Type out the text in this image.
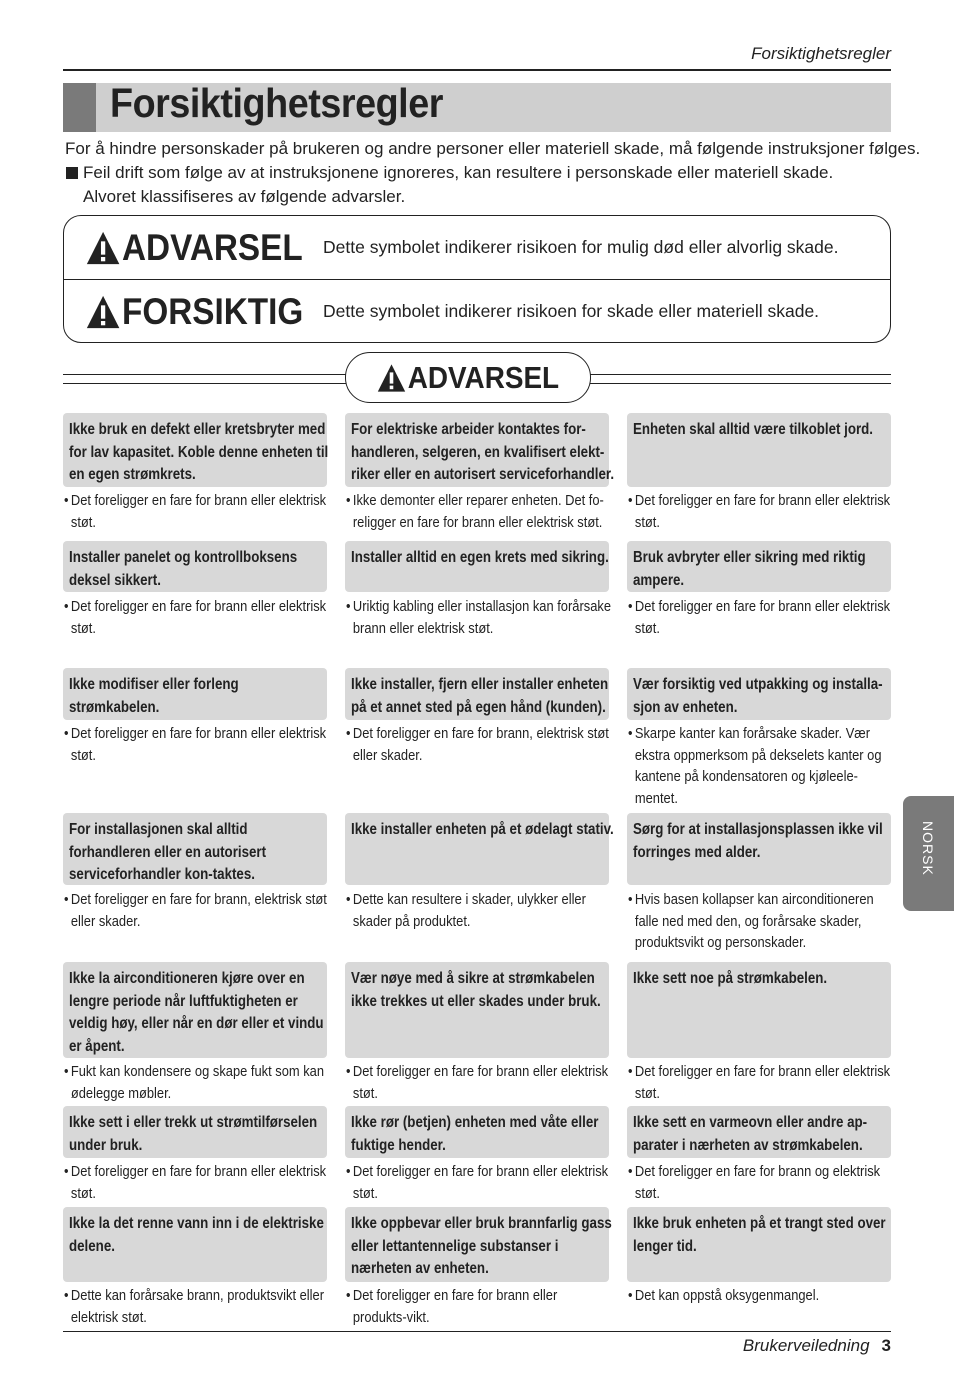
Forsiktighetsregler
Forsiktighetsregler
For å hindre personskader på brukeren og andre personer eller materiell skade, må følgende instruksjoner følges.
Feil drift som følge av at instruksjonene ignoreres, kan resultere i personskade eller materiell skade.
Alvoret klassifiseres av følgende advarsler.
ADVARSEL Dette symbolet indikerer risikoen for mulig død eller alvorlig skade.
FORSIKTIG Dette symbolet indikerer risikoen for skade eller materiell skade.
ADVARSEL
Ikke bruk en defekt eller kretsbryter med for lav kapasitet. Koble denne enheten til en egen strømkrets.
• Det foreligger en fare for brann eller elektrisk støt.
For elektriske arbeider kontaktes for-handleren, selgeren, en kvalifisert elekt-riker eller en autorisert serviceforhandler.
• Ikke demonter eller reparer enheten. Det fo-religger en fare for brann eller elektrisk støt.
Enheten skal alltid være tilkoblet jord.
• Det foreligger en fare for brann eller elektrisk støt.
Installer panelet og kontrollboksens deksel sikkert.
• Det foreligger en fare for brann eller elektrisk støt.
Installer alltid en egen krets med sikring.
• Uriktig kabling eller installasjon kan forårsake brann eller elektrisk støt.
Bruk avbryter eller sikring med riktig ampere.
• Det foreligger en fare for brann eller elektrisk støt.
Ikke modifiser eller forleng strømkabelen.
• Det foreligger en fare for brann eller elektrisk støt.
Ikke installer, fjern eller installer enheten på et annet sted på egen hånd (kunden).
• Det foreligger en fare for brann, elektrisk støt eller skader.
Vær forsiktig ved utpakking og installa-sjon av enheten.
• Skarpe kanter kan forårsake skader. Vær ekstra oppmerksom på dekselets kanter og kantene på kondensatoren og kjøleele-mentet.
For installasjonen skal alltid forhandleren eller en autorisert serviceforhandler kon-taktes.
• Det foreligger en fare for brann, elektrisk støt eller skader.
Ikke installer enheten på et ødelagt stativ.
• Dette kan resultere i skader, ulykker eller skader på produktet.
Sørg for at installasjonsplassen ikke vil forringes med alder.
• Hvis basen kollapser kan airconditioneren falle ned med den, og forårsake skader, produktsvikt og personskader.
Ikke la airconditioneren kjøre over en lengre periode når luftfuktigheten er veldig høy, eller når en dør eller et vindu er åpent.
• Fukt kan kondensere og skape fukt som kan ødelegge møbler.
Vær nøye med å sikre at strømkabelen ikke trekkes ut eller skades under bruk.
• Det foreligger en fare for brann eller elektrisk støt.
Ikke sett noe på strømkabelen.
• Det foreligger en fare for brann eller elektrisk støt.
Ikke sett i eller trekk ut strømtilførselen under bruk.
• Det foreligger en fare for brann eller elektrisk støt.
Ikke rør (betjen) enheten med våte eller fuktige hender.
• Det foreligger en fare for brann eller elektrisk støt.
Ikke sett en varmeovn eller andre ap-parater i nærheten av strømkabelen.
• Det foreligger en fare for brann og elektrisk støt.
Ikke la det renne vann inn i de elektriske delene.
• Dette kan forårsake brann, produktsvikt eller elektrisk støt.
Ikke oppbevar eller bruk brannfarlig gass eller lettantennelige substanser i nærheten av enheten.
• Det foreligger en fare for brann eller produkts-vikt.
Ikke bruk enheten på et trangt sted over lenger tid.
• Det kan oppstå oksygenmangel.
NORSK
Brukerveiledning 3
